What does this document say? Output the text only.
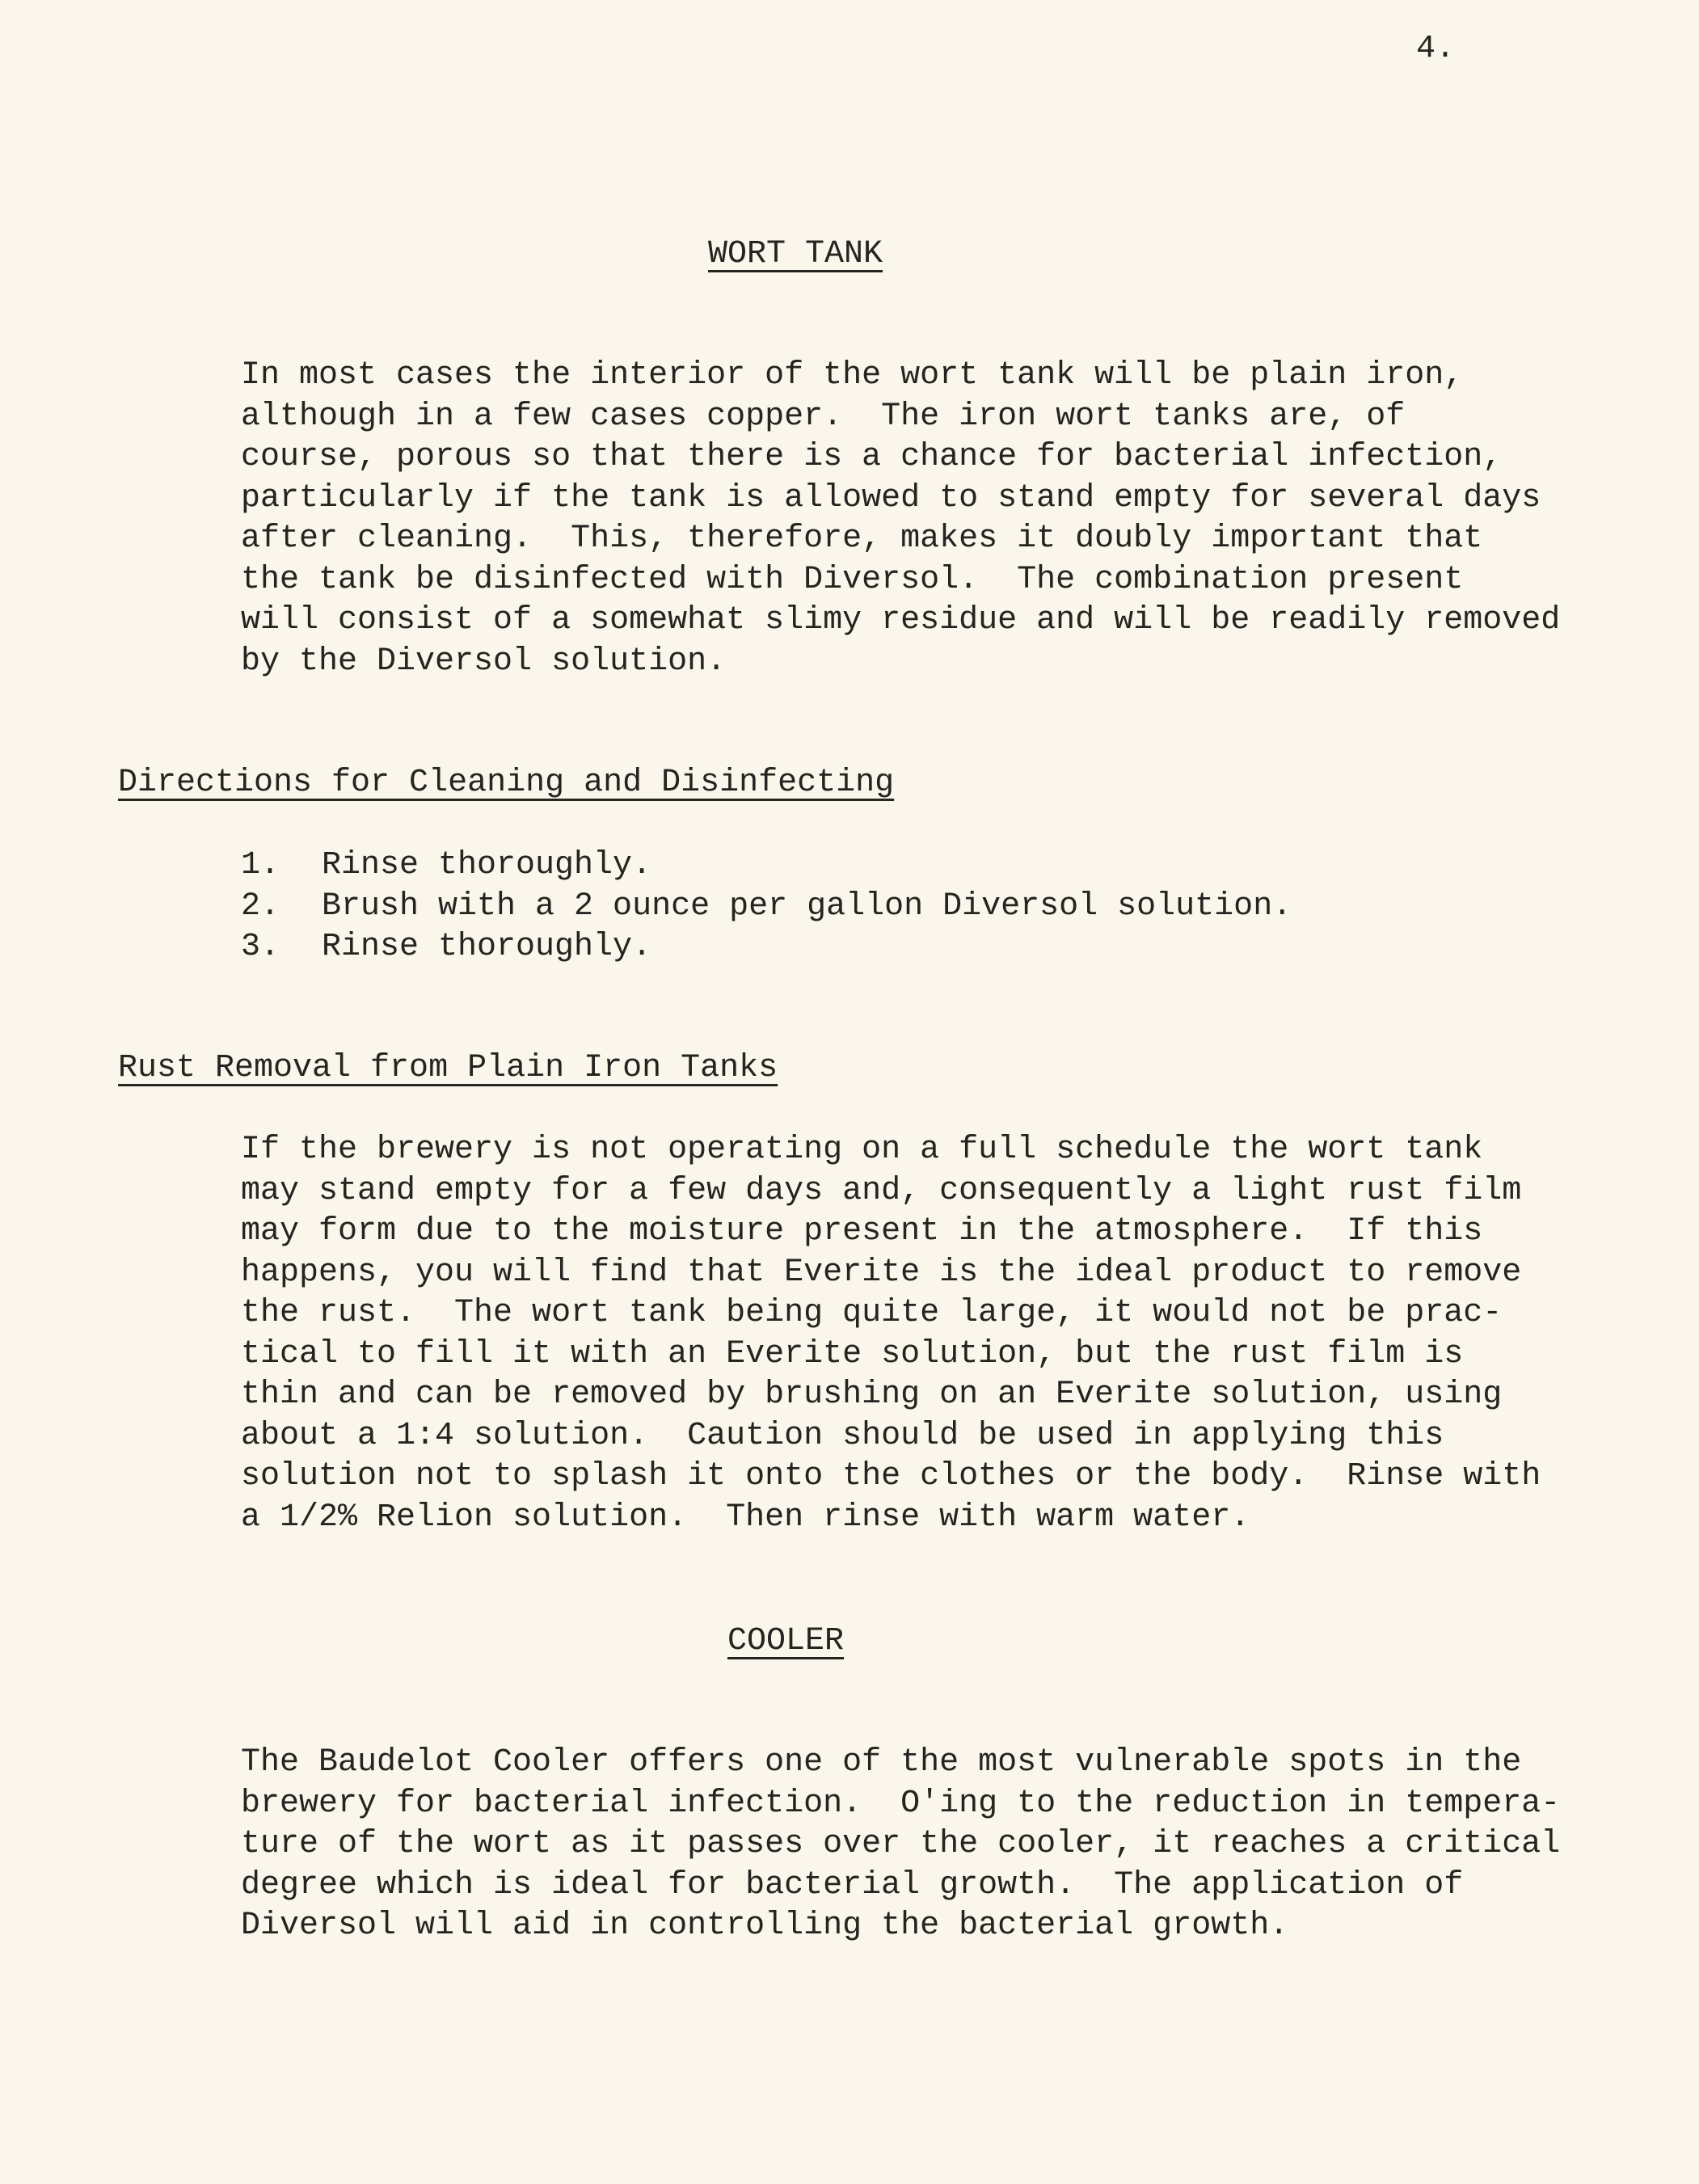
4.
WORT TANK
In most cases the interior of the wort tank will be plain iron,
although in a few cases copper.  The iron wort tanks are, of
course, porous so that there is a chance for bacterial infection,
particularly if the tank is allowed to stand empty for several days
after cleaning.  This, therefore, makes it doubly important that
the tank be disinfected with Diversol.  The combination present
will consist of a somewhat slimy residue and will be readily removed
by the Diversol solution.
Directions for Cleaning and Disinfecting
1.	Rinse thoroughly.
2.	Brush with a 2 ounce per gallon Diversol solution.
3.	Rinse thoroughly.
Rust Removal from Plain Iron Tanks
If the brewery is not operating on a full schedule the wort tank
may stand empty for a few days and, consequently a light rust film
may form due to the moisture present in the atmosphere.  If this
happens, you will find that Everite is the ideal product to remove
the rust.  The wort tank being quite large, it would not be prac-
tical to fill it with an Everite solution, but the rust film is
thin and can be removed by brushing on an Everite solution, using
about a 1:4 solution.  Caution should be used in applying this
solution not to splash it onto the clothes or the body.  Rinse with
a 1/2% Relion solution.  Then rinse with warm water.
COOLER
The Baudelot Cooler offers one of the most vulnerable spots in the
brewery for bacterial infection.  O'ing to the reduction in tempera-
ture of the wort as it passes over the cooler, it reaches a critical
degree which is ideal for bacterial growth.  The application of
Diversol will aid in controlling the bacterial growth.
